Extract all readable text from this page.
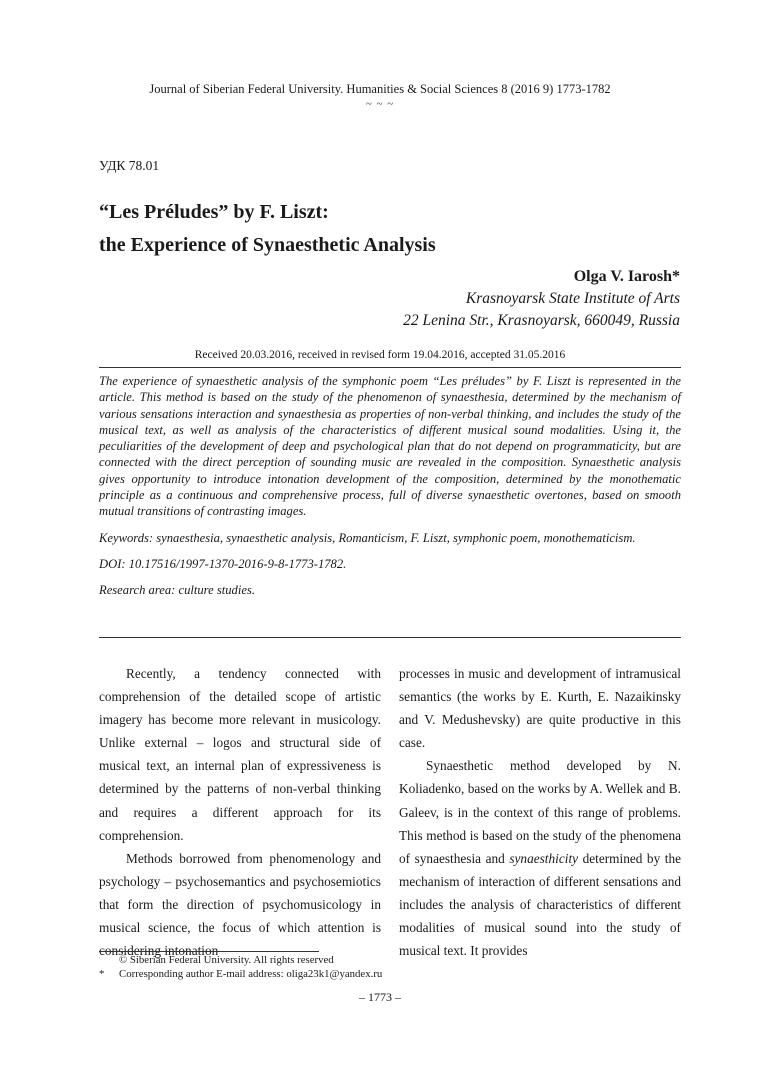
Journal of Siberian Federal University. Humanities & Social Sciences 8 (2016 9) 1773-1782
~ ~ ~
УДК 78.01
“Les Préludes” by F. Liszt:
the Experience of Synaesthetic Analysis
Olga V. Iarosh*
Krasnoyarsk State Institute of Arts
22 Lenina Str., Krasnoyarsk, 660049, Russia
Received 20.03.2016, received in revised form 19.04.2016, accepted 31.05.2016

The experience of synaesthetic analysis of the symphonic poem “Les préludes” by F. Liszt is represented in the article. This method is based on the study of the phenomenon of synaesthesia, determined by the mechanism of various sensations interaction and synaesthesia as properties of non-verbal thinking, and includes the study of the musical text, as well as analysis of the characteristics of different musical sound modalities. Using it, the peculiarities of the development of deep and psychological plan that do not depend on programmaticity, but are connected with the direct perception of sounding music are revealed in the composition. Synaesthetic analysis gives opportunity to introduce intonation development of the composition, determined by the monothematic principle as a continuous and comprehensive process, full of diverse synaesthetic overtones, based on smooth mutual transitions of contrasting images.

Keywords: synaesthesia, synaesthetic analysis, Romanticism, F. Liszt, symphonic poem, monothematicism.

DOI: 10.17516/1997-1370-2016-9-8-1773-1782.

Research area: culture studies.

Recently, a tendency connected with comprehension of the detailed scope of artistic imagery has become more relevant in musicology. Unlike external – logos and structural side of musical text, an internal plan of expressiveness is determined by the patterns of non-verbal thinking and requires a different approach for its comprehension.

Methods borrowed from phenomenology and psychology – psychosemantics and psychosemiotics that form the direction of psychomusicology in musical science, the focus of which attention is considering intonation

processes in music and development of intramusical semantics (the works by E. Kurth, E. Nazaikinsky and V. Medushevsky) are quite productive in this case.

Synaesthetic method developed by N. Koliadenko, based on the works by A. Wellek and B. Galeev, is in the context of this range of problems. This method is based on the study of the phenomena of synaesthesia and synaesthicity determined by the mechanism of interaction of different sensations and includes the analysis of characteristics of different modalities of musical sound into the study of musical text. It provides

© Siberian Federal University. All rights reserved
* Corresponding author E-mail address: oliga23k1@yandex.ru
– 1773 –
